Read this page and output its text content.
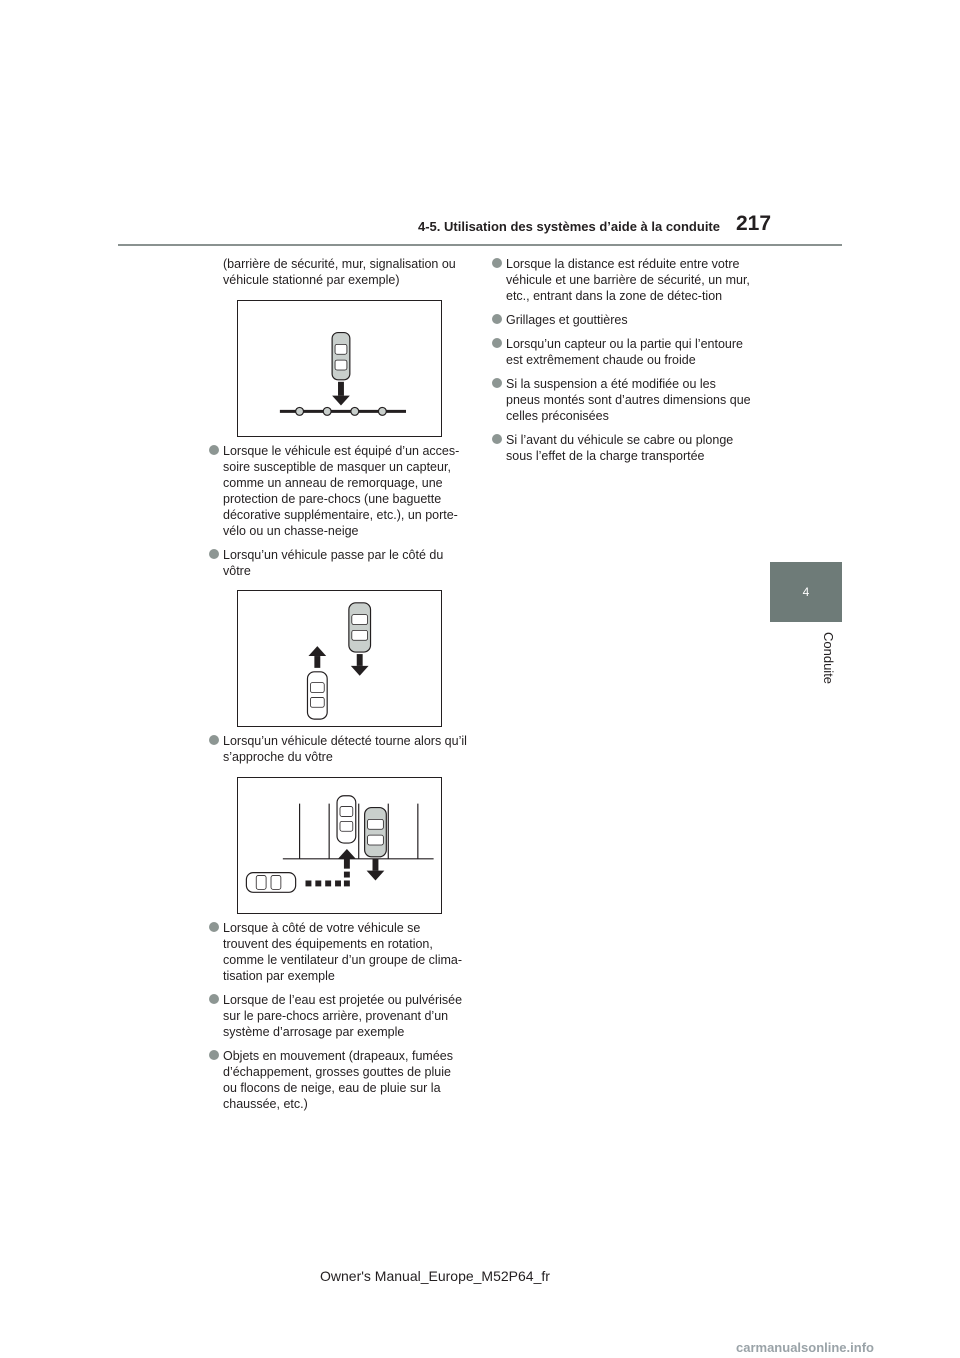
4-5. Utilisation des systèmes d’aide à la conduite 217
4
Conduite

(barrière de sécurité, mur, signalisation ou véhicule stationné par exemple)

Lorsque le véhicule est équipé d’un acces-soire susceptible de masquer un capteur, comme un anneau de remorquage, une protection de pare-chocs (une baguette décorative supplémentaire, etc.), un porte-vélo ou un chasse-neige

Lorsqu’un véhicule passe par le côté du vôtre

Lorsqu’un véhicule détecté tourne alors qu’il s’approche du vôtre

Lorsque à côté de votre véhicule se trouvent des équipements en rotation, comme le ventilateur d’un groupe de clima-tisation par exemple

Lorsque de l’eau est projetée ou pulvérisée sur le pare-chocs arrière, provenant d’un système d’arrosage par exemple

Objets en mouvement (drapeaux, fumées d’échappement, grosses gouttes de pluie ou flocons de neige, eau de pluie sur la chaussée, etc.)

Lorsque la distance est réduite entre votre véhicule et une barrière de sécurité, un mur, etc., entrant dans la zone de détec-tion

Grillages et gouttières

Lorsqu’un capteur ou la partie qui l’entoure est extrêmement chaude ou froide

Si la suspension a été modifiée ou les pneus montés sont d’autres dimensions que celles préconisées

Si l’avant du véhicule se cabre ou plonge sous l’effet de la charge transportée

Owner's Manual_Europe_M52P64_fr
carmanualsonline.info
